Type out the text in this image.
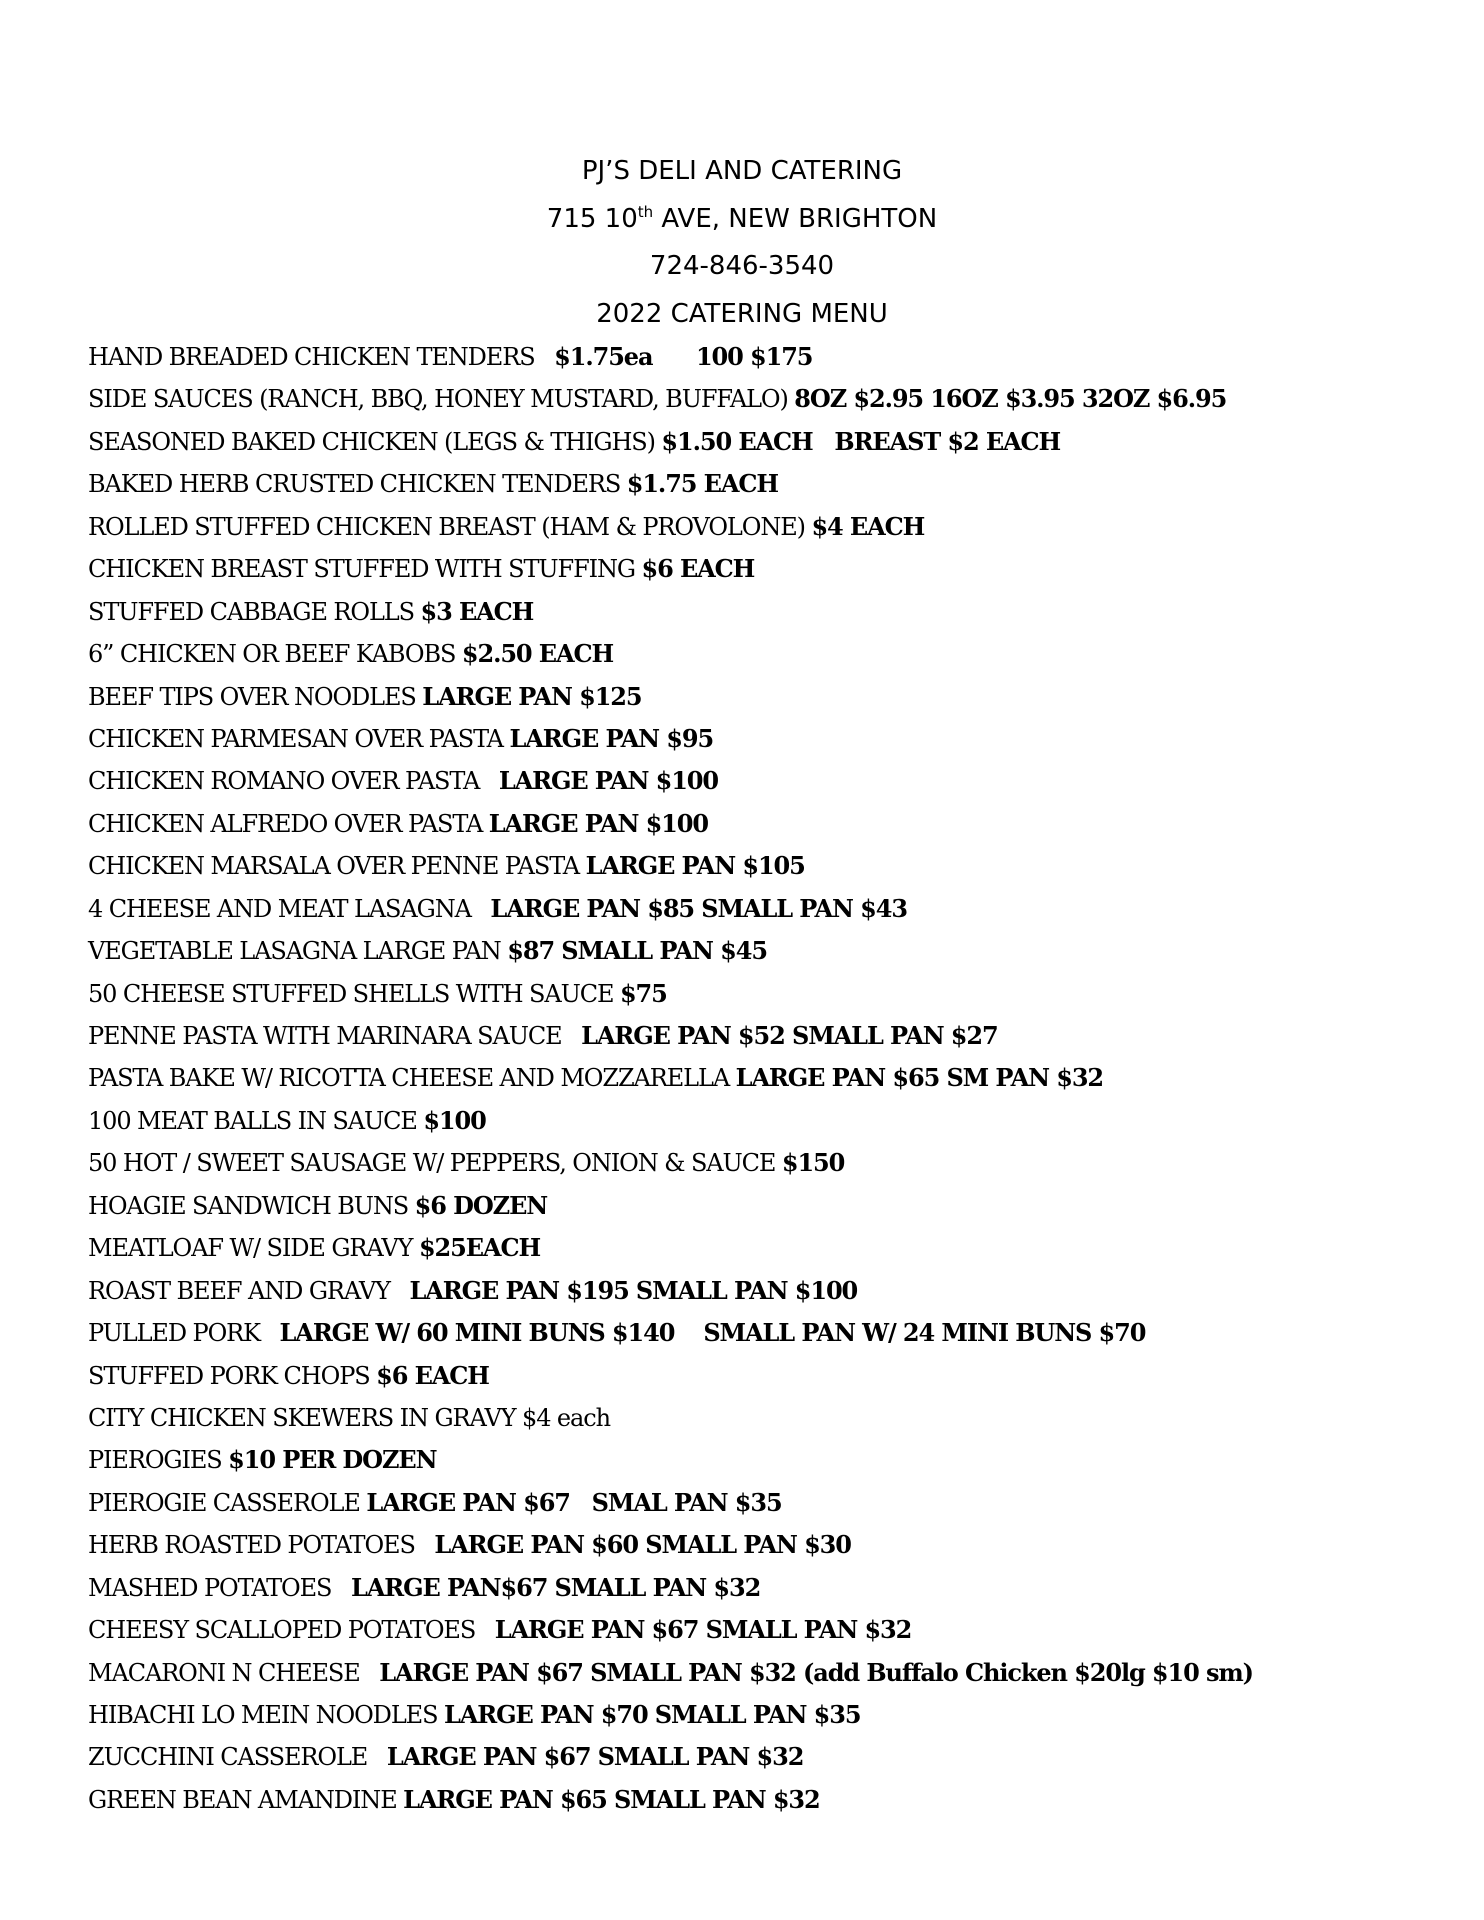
PJ’S DELI AND CATERING
715 10th AVE, NEW BRIGHTON
724-846-3540
2022 CATERING MENU
HAND BREADED CHICKEN TENDERS   $1.75ea      100 $175
SIDE SAUCES (RANCH, BBQ, HONEY MUSTARD, BUFFALO) 8OZ $2.95 16OZ $3.95 32OZ $6.95
SEASONED BAKED CHICKEN (LEGS & THIGHS) $1.50 EACH   BREAST $2 EACH
BAKED HERB CRUSTED CHICKEN TENDERS $1.75 EACH
ROLLED STUFFED CHICKEN BREAST (HAM & PROVOLONE) $4 EACH
CHICKEN BREAST STUFFED WITH STUFFING $6 EACH
STUFFED CABBAGE ROLLS $3 EACH
6” CHICKEN OR BEEF KABOBS $2.50 EACH
BEEF TIPS OVER NOODLES LARGE PAN $125
CHICKEN PARMESAN OVER PASTA LARGE PAN $95
CHICKEN ROMANO OVER PASTA   LARGE PAN $100
CHICKEN ALFREDO OVER PASTA LARGE PAN $100
CHICKEN MARSALA OVER PENNE PASTA LARGE PAN $105
4 CHEESE AND MEAT LASAGNA   LARGE PAN $85 SMALL PAN $43
VEGETABLE LASAGNA LARGE PAN $87 SMALL PAN $45
50 CHEESE STUFFED SHELLS WITH SAUCE $75
PENNE PASTA WITH MARINARA SAUCE   LARGE PAN $52 SMALL PAN $27
PASTA BAKE W/ RICOTTA CHEESE AND MOZZARELLA LARGE PAN $65 SM PAN $32
100 MEAT BALLS IN SAUCE $100
50 HOT / SWEET SAUSAGE W/ PEPPERS, ONION & SAUCE $150
HOAGIE SANDWICH BUNS $6 DOZEN
MEATLOAF W/ SIDE GRAVY $25EACH
ROAST BEEF AND GRAVY   LARGE PAN $195 SMALL PAN $100
PULLED PORK   LARGE W/ 60 MINI BUNS $140    SMALL PAN W/ 24 MINI BUNS $70
STUFFED PORK CHOPS $6 EACH
CITY CHICKEN SKEWERS IN GRAVY $4 each
PIEROGIES $10 PER DOZEN
PIEROGIE CASSEROLE LARGE PAN $67   SMAL PAN $35
HERB ROASTED POTATOES   LARGE PAN $60 SMALL PAN $30
MASHED POTATOES   LARGE PAN$67 SMALL PAN $32
CHEESY SCALLOPED POTATOES   LARGE PAN $67 SMALL PAN $32
MACARONI N CHEESE   LARGE PAN $67 SMALL PAN $32 (add Buffalo Chicken $20lg $10 sm)
HIBACHI LO MEIN NOODLES LARGE PAN $70 SMALL PAN $35
ZUCCHINI CASSEROLE   LARGE PAN $67 SMALL PAN $32
GREEN BEAN AMANDINE LARGE PAN $65 SMALL PAN $32
